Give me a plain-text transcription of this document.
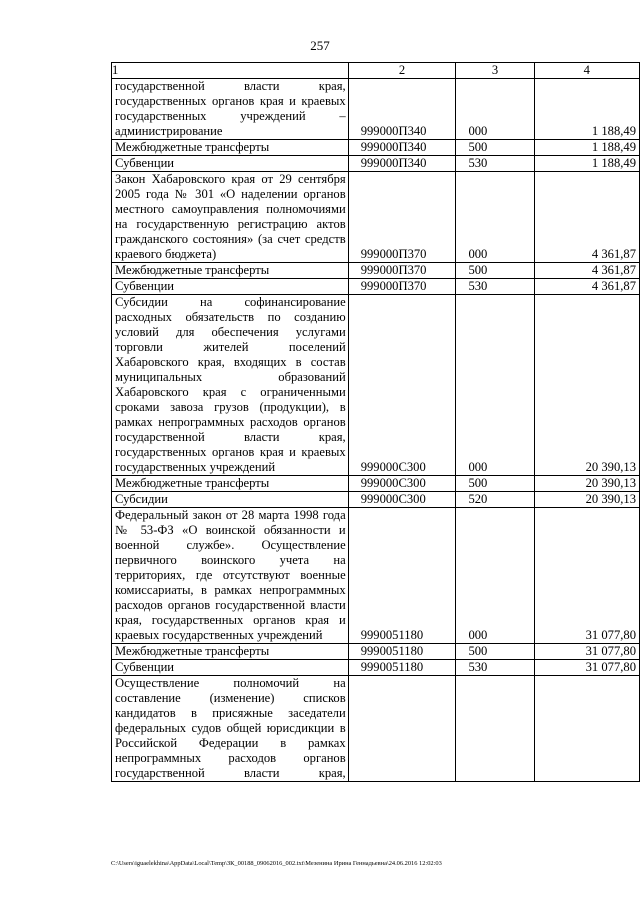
257
1	2	3	4
государственной власти края, государственных органов края и краевых государственных учреждений – администрирование	999000П340	000	1 188,49
Межбюджетные трансферты	999000П340	500	1 188,49
Субвенции	999000П340	530	1 188,49
Закон Хабаровского края от 29 сентября 2005 года № 301 «О наделении органов местного самоуправления полномочиями на государственную регистрацию актов гражданского состояния» (за счет средств краевого бюджета)	999000П370	000	4 361,87
Межбюджетные трансферты	999000П370	500	4 361,87
Субвенции	999000П370	530	4 361,87
Субсидии на софинансирование расходных обязательств по созданию условий для обеспечения услугами торговли жителей поселений Хабаровского края, входящих в состав муниципальных образований Хабаровского края с ограниченными сроками завоза грузов (продукции), в рамках непрограммных расходов органов государственной власти края, государственных органов края и краевых государственных учреждений	999000С300	000	20 390,13
Межбюджетные трансферты	999000С300	500	20 390,13
Субсидии	999000С300	520	20 390,13
Федеральный закон от 28 марта 1998 года № 53-ФЗ «О воинской обязанности и военной службе». Осуществление первичного воинского учета на территориях, где отсутствуют военные комиссариаты, в рамках непрограммных расходов органов государственной власти края, государственных органов края и краевых государственных учреждений	9990051180	000	31 077,80
Межбюджетные трансферты	9990051180	500	31 077,80
Субвенции	9990051180	530	31 077,80
Осуществление полномочий на составление (изменение) списков кандидатов в присяжные заседатели федеральных судов общей юрисдикции в Российской Федерации в рамках непрограммных расходов органов государственной власти края,			
C:\Users\iguaelekhina\AppData\Local\Temp\ЗК_00188_09062016_002.txt\Мезенина Ирина Геннадьевна\24.06.2016 12:02:03
